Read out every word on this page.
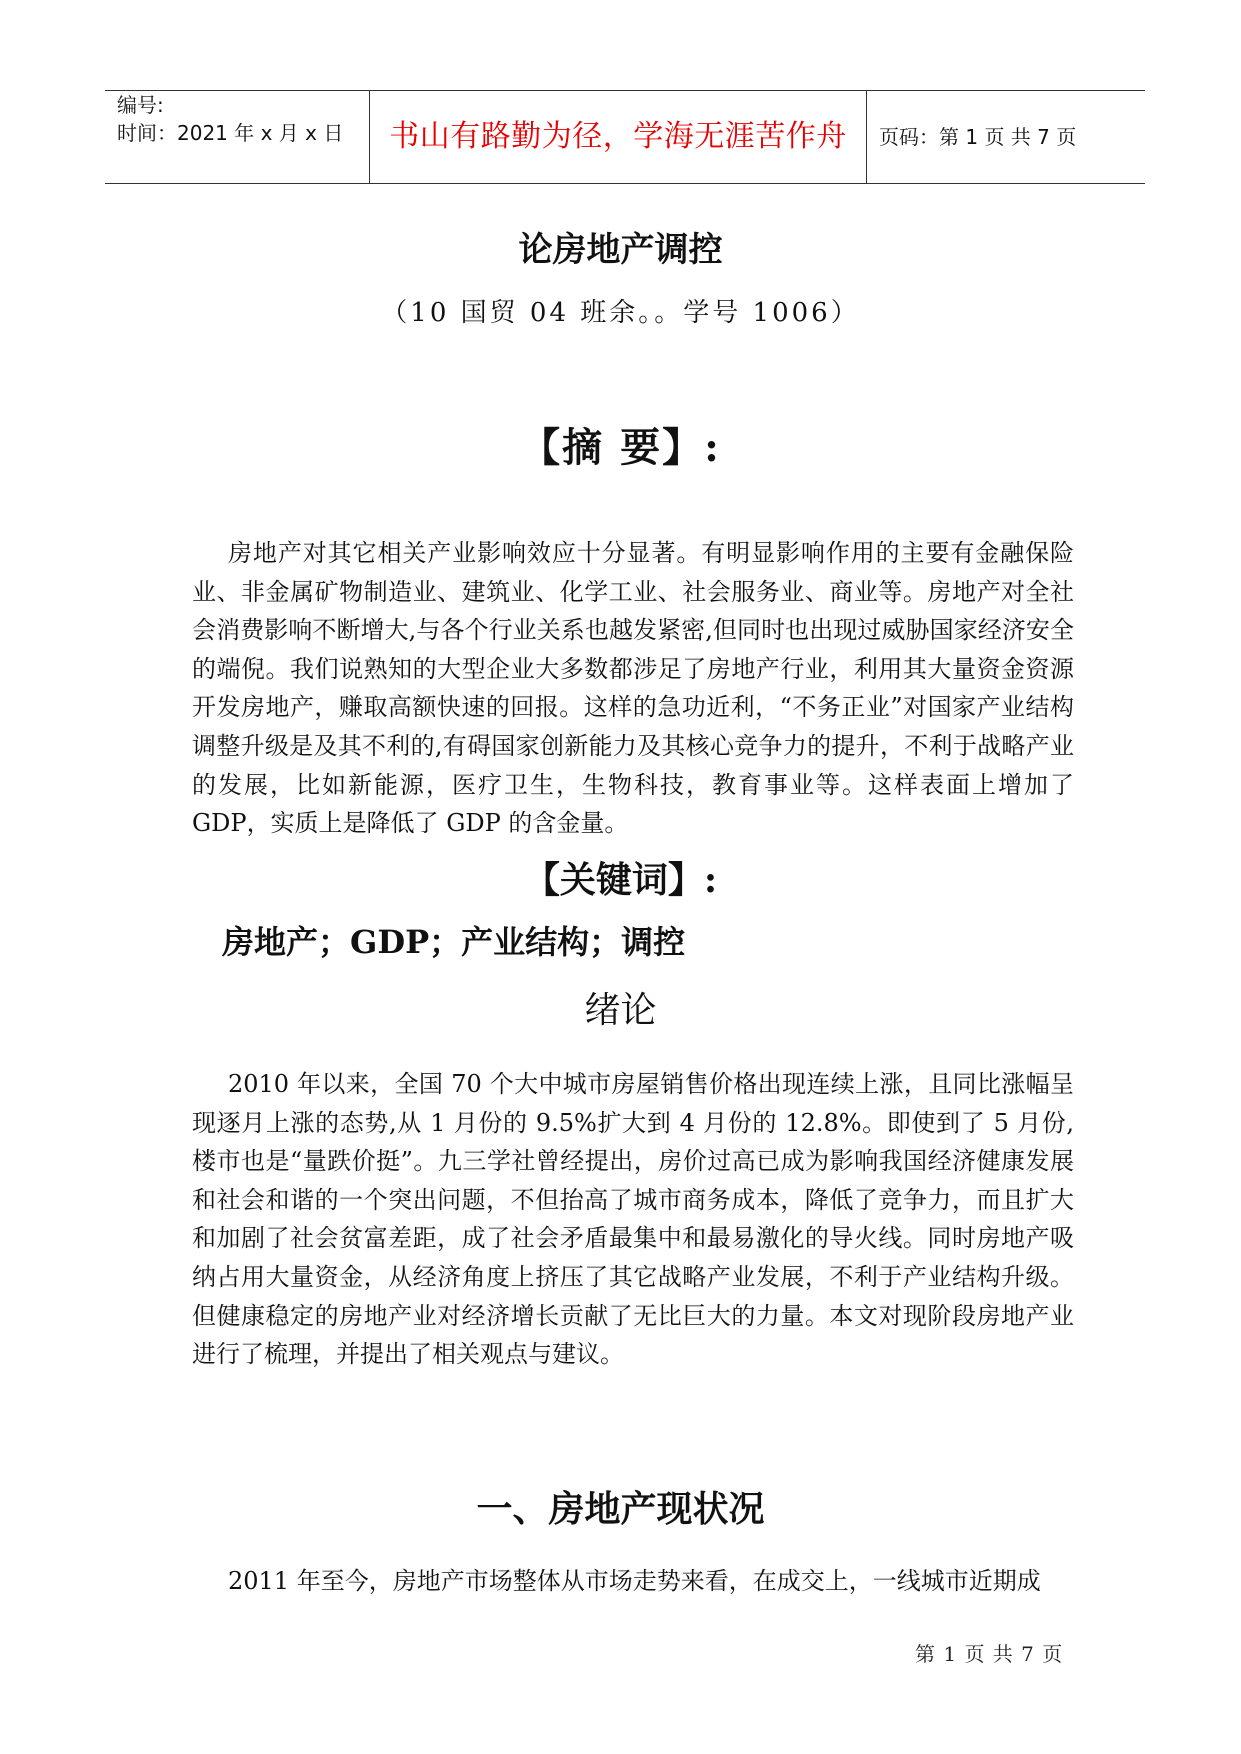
编号:
时间：2021 年 x 月 x 日	书山有路勤为径，学海无涯苦作舟	页码：第 1 页 共 7 页
论房地产调控
（10 国贸 04 班余。。学号 1006）
【摘 要】:

房地产对其它相关产业影响效应十分显著。有明显影响作用的主要有金融保险业、非金属矿物制造业、建筑业、化学工业、社会服务业、商业等。房地产对全社会消费影响不断增大,与各个行业关系也越发紧密,但同时也出现过威胁国家经济安全的端倪。我们说熟知的大型企业大多数都涉足了房地产行业，利用其大量资金资源开发房地产，赚取高额快速的回报。这样的急功近利，“不务正业”对国家产业结构调整升级是及其不利的,有碍国家创新能力及其核心竞争力的提升，不利于战略产业的发展，比如新能源，医疗卫生，生物科技，教育事业等。这样表面上增加了 GDP，实质上是降低了 GDP 的含金量。

【关键词】:
房地产；GDP；产业结构；调控
绪论

2010 年以来，全国 70 个大中城市房屋销售价格出现连续上涨，且同比涨幅呈现逐月上涨的态势,从 1 月份的 9.5%扩大到 4 月份的 12.8%。即使到了 5 月份,楼市也是“量跌价挺”。九三学社曾经提出，房价过高已成为影响我国经济健康发展和社会和谐的一个突出问题，不但抬高了城市商务成本，降低了竞争力，而且扩大和加剧了社会贫富差距，成了社会矛盾最集中和最易激化的导火线。同时房地产吸纳占用大量资金，从经济角度上挤压了其它战略产业发展，不利于产业结构升级。但健康稳定的房地产业对经济增长贡献了无比巨大的力量。本文对现阶段房地产业进行了梳理，并提出了相关观点与建议。

一、房地产现状况

2011 年至今，房地产市场整体从市场走势来看，在成交上，一线城市近期成

第 1 页 共 7 页
